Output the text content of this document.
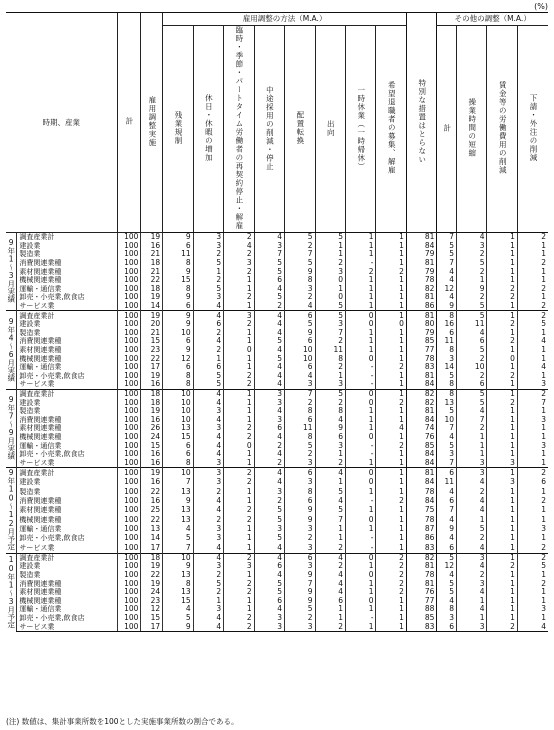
(%)
時期、産業		計	雇用調整実施	雇用調整の方法（M.A.）								特別な措置はとらない	その他の調整（M.A.）			
				残業規制	休日・休暇の増加	臨時・季節・パートタイム労働者の再契約停止・解雇	中途採用の削減・停止	配置転換	出向	一時休業（一時帰休）	希望退職者の募集、解雇		計	操業時間の短縮	賃金等の労働費用の削減	下請・外注の削減
9年1〜3月実績	調査産業計	100	19	9	3	2	4	5	5	1	1	81	7	4	1	2
	建設業	100	16	6	3	4	3	2	1	1	1	84	5	3	1	1
	製造業	100	21	11	2	2	7	7	1	1	1	79	5	2	1	1
	消費関連業種	100	18	8	5	3	5	5	2	-	1	81	7	5	1	2
	素材関連業種	100	21	9	1	2	5	9	3	2	2	79	4	2	1	1
	機械関連業種	100	22	15	2	1	6	8	0	1	1	78	4	1	1	1
	運輸・通信業	100	18	8	5	1	4	3	1	1	1	82	12	9	2	2
	卸売・小売業,飲食店	100	19	9	3	2	5	2	0	1	1	81	4	2	2	1
	サービス業	100	14	6	4	1	2	4	5	1	1	86	9	5	1	2
9年4〜6月実績	調査産業計	100	19	9	4	3	4	6	5	0	1	81	8	5	1	2
	建設業	100	20	9	6	2	4	5	3	0	0	80	16	11	2	5
	製造業	100	21	10	2	1	4	9	7	1	1	79	6	4	1	1
	消費関連業種	100	15	6	4	1	5	6	2	1	1	85	11	6	2	4
	素材関連業種	100	23	9	2	0	4	10	11	1	1	77	8	5	1	1
	機械関連業種	100	22	12	1	1	5	10	8	0	1	78	3	2	0	1
	運輸・通信業	100	17	6	6	1	4	6	2	-	2	83	14	10	1	4
	卸売・小売業,飲食店	100	19	8	5	2	4	4	1	-	1	81	5	2	2	1
	サービス業	100	16	8	5	2	4	3	3	-	1	84	8	6	1	3
9年7〜9月実績	調査産業計	100	18	10	4	1	3	7	5	0	1	82	8	5	1	2
	建設業	100	18	10	4	1	3	2	2	0	2	82	13	5	2	7
	製造業	100	19	10	3	1	4	8	8	1	1	81	5	4	1	1
	消費関連業種	100	16	10	4	1	3	6	4	1	1	84	10	7	1	3
	素材関連業種	100	26	13	3	2	6	11	9	1	4	74	7	2	1	1
	機械関連業種	100	24	15	4	2	4	8	6	0	1	76	4	1	1	1
	運輸・通信業	100	15	6	4	0	2	5	3	-	2	85	5	1	1	3
	卸売・小売業,飲食店	100	16	6	4	1	4	2	1	-	1	84	3	1	1	1
	サービス業	100	16	8	3	1	2	3	2	1	1	84	7	3	3	1
9年10〜12月予定	調査産業計	100	19	10	3	2	4	6	4	0	1	81	6	3	1	2
	建設業	100	16	7	3	2	4	3	1	0	1	84	11	4	3	6
	製造業	100	22	13	2	1	3	8	5	1	1	78	4	2	1	1
	消費関連業種	100	16	9	4	1	2	6	4	-	2	84	6	4	1	2
	素材関連業種	100	25	13	4	2	5	9	5	1	1	75	7	4	1	1
	機械関連業種	100	22	13	2	2	5	9	7	0	1	78	4	1	1	1
	運輸・通信業	100	13	4	3	1	3	3	1	1	1	87	9	5	1	3
	卸売・小売業,飲食店	100	14	5	3	1	5	2	1	-	1	86	4	2	1	1
	サービス業	100	17	7	4	1	4	3	2	-	1	83	6	4	1	2
10年1〜3月予定	調査産業計	100	18	10	4	2	4	6	4	0	2	82	5	3	1	2
	建設業	100	19	9	3	3	6	3	2	1	2	81	12	4	2	5
	製造業	100	22	13	2	1	4	9	4	0	2	78	4	2	1	1
	消費関連業種	100	19	8	5	2	5	7	4	1	2	81	5	3	1	2
	素材関連業種	100	24	13	2	2	5	9	4	1	2	76	5	4	1	1
	機械関連業種	100	23	15	1	1	6	9	6	0	1	77	4	1	1	1
	運輸・通信業	100	12	4	3	1	4	5	1	1	1	88	8	4	1	3
	卸売・小売業,飲食店	100	15	5	4	2	3	2	1	-	1	85	3	1	1	1
	サービス業	100	17	9	4	2	3	3	2	1	1	83	6	3	2	4
(注) 数値は、集計事業所数を100とした実施事業所数の割合である。
